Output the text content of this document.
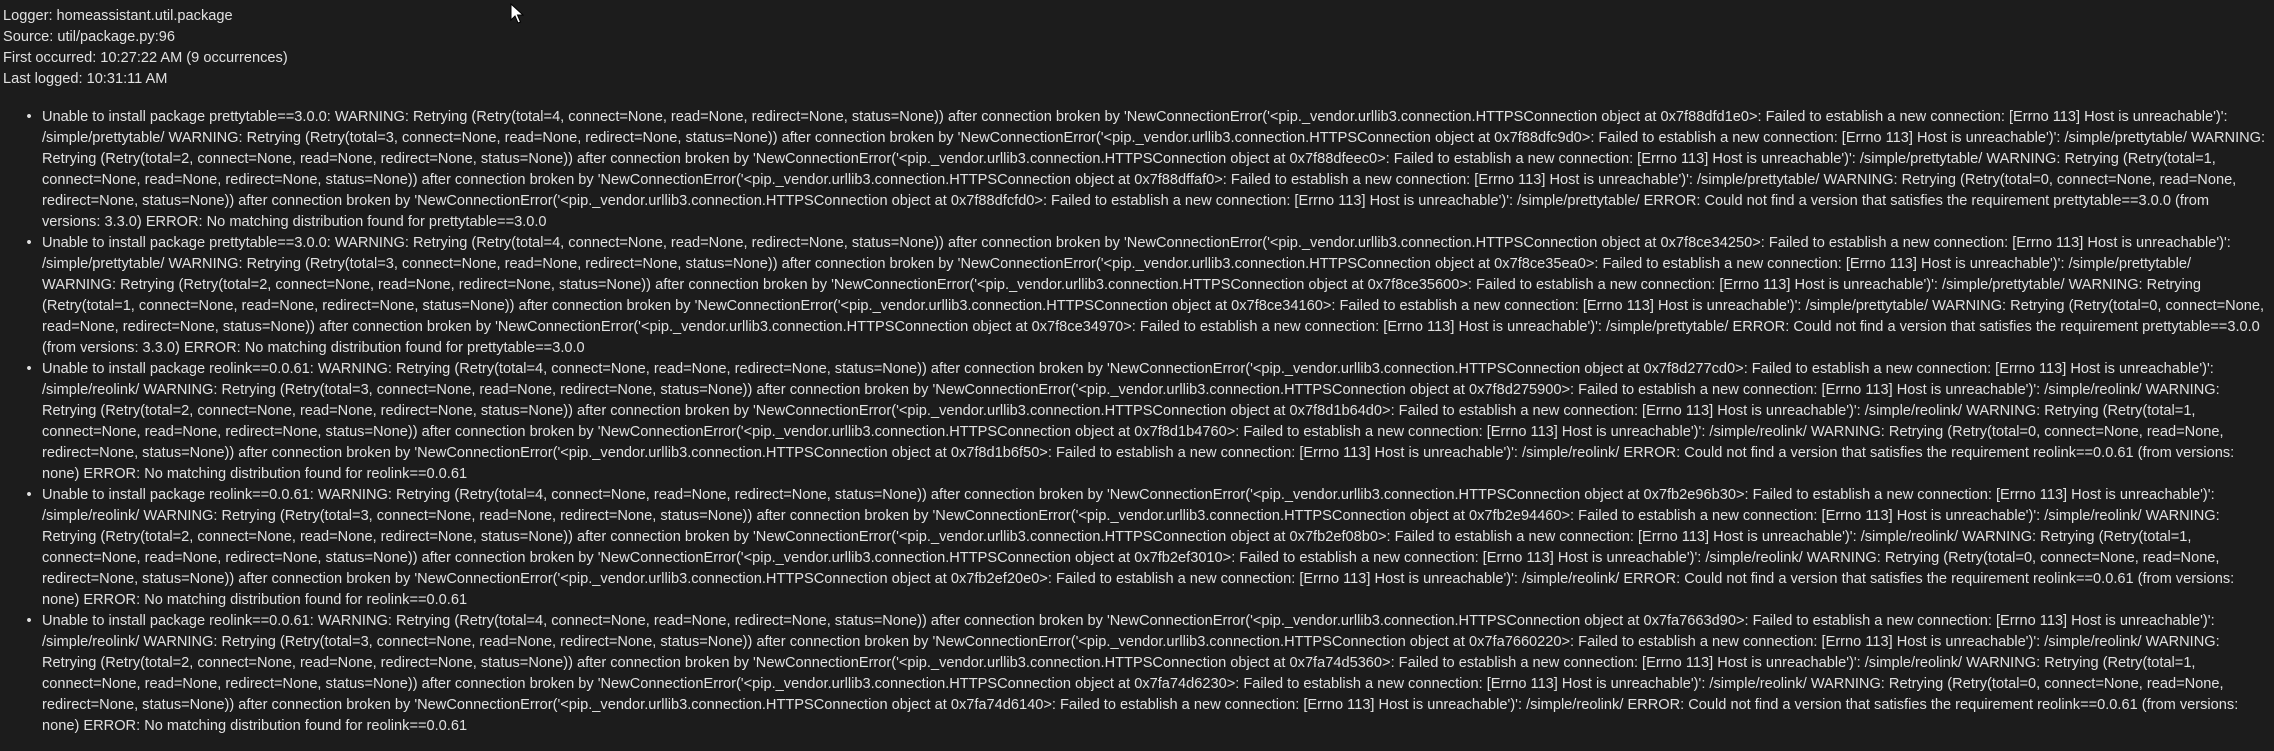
Logger: homeassistant.util.package
Source: util/package.py:96
First occurred: 10:27:22 AM (9 occurrences)
Last logged: 10:31:11 AM
• Unable to install package prettytable==3.0.0: WARNING: Retrying (Retry(total=4, connect=None, read=None, redirect=None, status=None)) after connection broken by 'NewConnectionError('<pip._vendor.urllib3.connection.HTTPSConnection object at 0x7f88dfd1e0>: Failed to establish a new connection: [Errno 113] Host is unreachable')': /simple/prettytable/ WARNING: Retrying (Retry(total=3, connect=None, read=None, redirect=None, status=None)) after connection broken by 'NewConnectionError('<pip._vendor.urllib3.connection.HTTPSConnection object at 0x7f88dfc9d0>: Failed to establish a new connection: [Errno 113] Host is unreachable')': /simple/prettytable/ WARNING: Retrying (Retry(total=2, connect=None, read=None, redirect=None, status=None)) after connection broken by 'NewConnectionError('<pip._vendor.urllib3.connection.HTTPSConnection object at 0x7f88dfeec0>: Failed to establish a new connection: [Errno 113] Host is unreachable')': /simple/prettytable/ WARNING: Retrying (Retry(total=1, connect=None, read=None, redirect=None, status=None)) after connection broken by 'NewConnectionError('<pip._vendor.urllib3.connection.HTTPSConnection object at 0x7f88dffaf0>: Failed to establish a new connection: [Errno 113] Host is unreachable')': /simple/prettytable/ WARNING: Retrying (Retry(total=0, connect=None, read=None, redirect=None, status=None)) after connection broken by 'NewConnectionError('<pip._vendor.urllib3.connection.HTTPSConnection object at 0x7f88dfcfd0>: Failed to establish a new connection: [Errno 113] Host is unreachable')': /simple/prettytable/ ERROR: Could not find a version that satisfies the requirement prettytable==3.0.0 (from versions: 3.3.0) ERROR: No matching distribution found for prettytable==3.0.0
• Unable to install package prettytable==3.0.0: WARNING: Retrying (Retry(total=4, connect=None, read=None, redirect=None, status=None)) after connection broken by 'NewConnectionError('<pip._vendor.urllib3.connection.HTTPSConnection object at 0x7f8ce34250>: Failed to establish a new connection: [Errno 113] Host is unreachable')': /simple/prettytable/ WARNING: Retrying (Retry(total=3, connect=None, read=None, redirect=None, status=None)) after connection broken by 'NewConnectionError('<pip._vendor.urllib3.connection.HTTPSConnection object at 0x7f8ce35ea0>: Failed to establish a new connection: [Errno 113] Host is unreachable')': /simple/prettytable/ WARNING: Retrying (Retry(total=2, connect=None, read=None, redirect=None, status=None)) after connection broken by 'NewConnectionError('<pip._vendor.urllib3.connection.HTTPSConnection object at 0x7f8ce35600>: Failed to establish a new connection: [Errno 113] Host is unreachable')': /simple/prettytable/ WARNING: Retrying (Retry(total=1, connect=None, read=None, redirect=None, status=None)) after connection broken by 'NewConnectionError('<pip._vendor.urllib3.connection.HTTPSConnection object at 0x7f8ce34160>: Failed to establish a new connection: [Errno 113] Host is unreachable')': /simple/prettytable/ WARNING: Retrying (Retry(total=0, connect=None, read=None, redirect=None, status=None)) after connection broken by 'NewConnectionError('<pip._vendor.urllib3.connection.HTTPSConnection object at 0x7f8ce34970>: Failed to establish a new connection: [Errno 113] Host is unreachable')': /simple/prettytable/ ERROR: Could not find a version that satisfies the requirement prettytable==3.0.0 (from versions: 3.3.0) ERROR: No matching distribution found for prettytable==3.0.0
• Unable to install package reolink==0.0.61: WARNING: Retrying (Retry(total=4, connect=None, read=None, redirect=None, status=None)) after connection broken by 'NewConnectionError('<pip._vendor.urllib3.connection.HTTPSConnection object at 0x7f8d277cd0>: Failed to establish a new connection: [Errno 113] Host is unreachable')': /simple/reolink/ WARNING: Retrying (Retry(total=3, connect=None, read=None, redirect=None, status=None)) after connection broken by 'NewConnectionError('<pip._vendor.urllib3.connection.HTTPSConnection object at 0x7f8d275900>: Failed to establish a new connection: [Errno 113] Host is unreachable')': /simple/reolink/ WARNING: Retrying (Retry(total=2, connect=None, read=None, redirect=None, status=None)) after connection broken by 'NewConnectionError('<pip._vendor.urllib3.connection.HTTPSConnection object at 0x7f8d1b64d0>: Failed to establish a new connection: [Errno 113] Host is unreachable')': /simple/reolink/ WARNING: Retrying (Retry(total=1, connect=None, read=None, redirect=None, status=None)) after connection broken by 'NewConnectionError('<pip._vendor.urllib3.connection.HTTPSConnection object at 0x7f8d1b4760>: Failed to establish a new connection: [Errno 113] Host is unreachable')': /simple/reolink/ WARNING: Retrying (Retry(total=0, connect=None, read=None, redirect=None, status=None)) after connection broken by 'NewConnectionError('<pip._vendor.urllib3.connection.HTTPSConnection object at 0x7f8d1b6f50>: Failed to establish a new connection: [Errno 113] Host is unreachable')': /simple/reolink/ ERROR: Could not find a version that satisfies the requirement reolink==0.0.61 (from versions: none) ERROR: No matching distribution found for reolink==0.0.61
• Unable to install package reolink==0.0.61: WARNING: Retrying (Retry(total=4, connect=None, read=None, redirect=None, status=None)) after connection broken by 'NewConnectionError('<pip._vendor.urllib3.connection.HTTPSConnection object at 0x7fb2e96b30>: Failed to establish a new connection: [Errno 113] Host is unreachable')': /simple/reolink/ WARNING: Retrying (Retry(total=3, connect=None, read=None, redirect=None, status=None)) after connection broken by 'NewConnectionError('<pip._vendor.urllib3.connection.HTTPSConnection object at 0x7fb2e94460>: Failed to establish a new connection: [Errno 113] Host is unreachable')': /simple/reolink/ WARNING: Retrying (Retry(total=2, connect=None, read=None, redirect=None, status=None)) after connection broken by 'NewConnectionError('<pip._vendor.urllib3.connection.HTTPSConnection object at 0x7fb2ef08b0>: Failed to establish a new connection: [Errno 113] Host is unreachable')': /simple/reolink/ WARNING: Retrying (Retry(total=1, connect=None, read=None, redirect=None, status=None)) after connection broken by 'NewConnectionError('<pip._vendor.urllib3.connection.HTTPSConnection object at 0x7fb2ef3010>: Failed to establish a new connection: [Errno 113] Host is unreachable')': /simple/reolink/ WARNING: Retrying (Retry(total=0, connect=None, read=None, redirect=None, status=None)) after connection broken by 'NewConnectionError('<pip._vendor.urllib3.connection.HTTPSConnection object at 0x7fb2ef20e0>: Failed to establish a new connection: [Errno 113] Host is unreachable')': /simple/reolink/ ERROR: Could not find a version that satisfies the requirement reolink==0.0.61 (from versions: none) ERROR: No matching distribution found for reolink==0.0.61
• Unable to install package reolink==0.0.61: WARNING: Retrying (Retry(total=4, connect=None, read=None, redirect=None, status=None)) after connection broken by 'NewConnectionError('<pip._vendor.urllib3.connection.HTTPSConnection object at 0x7fa7663d90>: Failed to establish a new connection: [Errno 113] Host is unreachable')': /simple/reolink/ WARNING: Retrying (Retry(total=3, connect=None, read=None, redirect=None, status=None)) after connection broken by 'NewConnectionError('<pip._vendor.urllib3.connection.HTTPSConnection object at 0x7fa7660220>: Failed to establish a new connection: [Errno 113] Host is unreachable')': /simple/reolink/ WARNING: Retrying (Retry(total=2, connect=None, read=None, redirect=None, status=None)) after connection broken by 'NewConnectionError('<pip._vendor.urllib3.connection.HTTPSConnection object at 0x7fa74d5360>: Failed to establish a new connection: [Errno 113] Host is unreachable')': /simple/reolink/ WARNING: Retrying (Retry(total=1, connect=None, read=None, redirect=None, status=None)) after connection broken by 'NewConnectionError('<pip._vendor.urllib3.connection.HTTPSConnection object at 0x7fa74d6230>: Failed to establish a new connection: [Errno 113] Host is unreachable')': /simple/reolink/ WARNING: Retrying (Retry(total=0, connect=None, read=None, redirect=None, status=None)) after connection broken by 'NewConnectionError('<pip._vendor.urllib3.connection.HTTPSConnection object at 0x7fa74d6140>: Failed to establish a new connection: [Errno 113] Host is unreachable')': /simple/reolink/ ERROR: Could not find a version that satisfies the requirement reolink==0.0.61 (from versions: none) ERROR: No matching distribution found for reolink==0.0.61
